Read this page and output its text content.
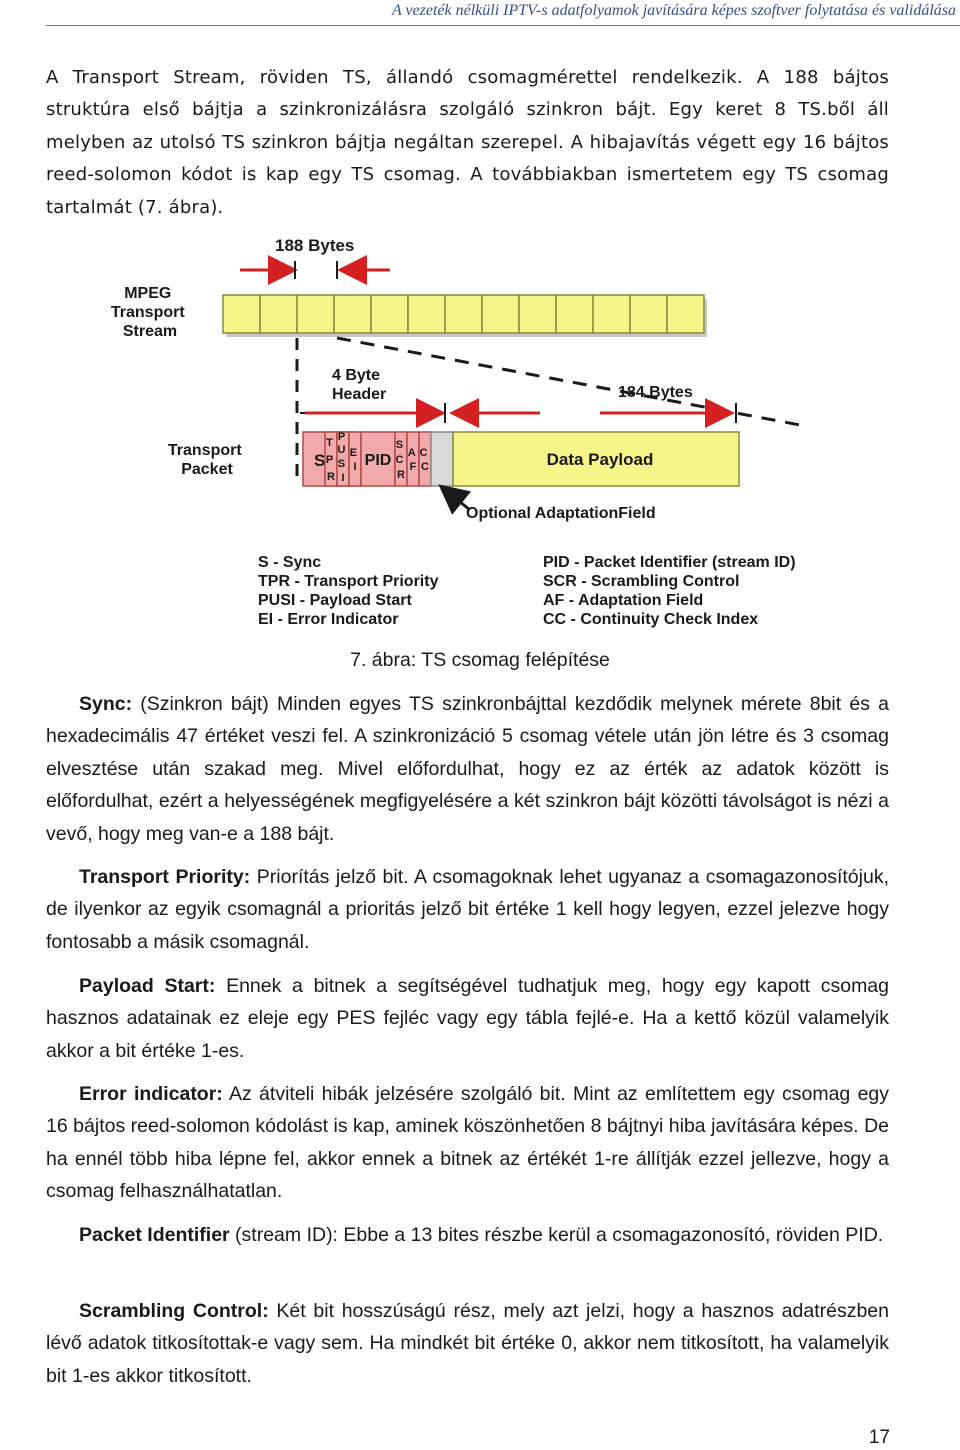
A vezeték nélküli IPTV-s adatfolyamok javítására képes szoftver folytatása és validálása
A Transport Stream, röviden TS, állandó csomagmérettel rendelkezik. A 188 bájtos struktúra első bájtja a szinkronizálásra szolgáló szinkron bájt. Egy keret 8 TS.ből áll melyben az utolsó TS szinkron bájtja negáltan szerepel. A hibajavítás végett egy 16 bájtos reed-solomon kódot is kap egy TS csomag. A továbbiakban ismertetem egy TS csomag tartalmát (7. ábra).
188 Bytes
MPEG Transport Stream
4 Byte Header	184 Bytes
Transport Packet	S
T P R
P U S I
E I PID
S C R
A F
C C	Data Payload
Optional AdaptationField
S - Sync TPR - Transport Priority PUSI - Payload Start EI - Error Indicator
PID - Packet Identifier (stream ID) SCR - Scrambling Control AF - Adaptation Field CC - Continuity Check Index
7. ábra: TS csomag felépítése
Sync: (Szinkron bájt) Minden egyes TS szinkronbájttal kezdődik melynek mérete 8bit és a hexadecimális 47 értéket veszi fel. A szinkronizáció 5 csomag vétele után jön létre és 3 csomag elvesztése után szakad meg. Mivel előfordulhat, hogy ez az érték az adatok között is előfordulhat, ezért a helyességének megfigyelésére a két szinkron bájt közötti távolságot is nézi a vevő, hogy meg van-e a 188 bájt.
Transport Priority: Priorítás jelző bit. A csomagoknak lehet ugyanaz a csomagazonosítójuk, de ilyenkor az egyik csomagnál a prioritás jelző bit értéke 1 kell hogy legyen, ezzel jelezve hogy fontosabb a másik csomagnál.
Payload Start: Ennek a bitnek a segítségével tudhatjuk meg, hogy egy kapott csomag hasznos adatainak ez eleje egy PES fejléc vagy egy tábla fejlé-e. Ha a kettő közül valamelyik akkor a bit értéke 1-es.
Error indicator: Az átviteli hibák jelzésére szolgáló bit. Mint az említettem egy csomag egy 16 bájtos reed-solomon kódolást is kap, aminek köszönhetően 8 bájtnyi hiba javítására képes. De ha ennél több hiba lépne fel, akkor ennek a bitnek az értékét 1-re állítják ezzel jellezve, hogy a csomag felhasználhatatlan.
Packet Identifier (stream ID): Ebbe a 13 bites részbe kerül a csomagazonosító, röviden PID.
Scrambling Control: Két bit hosszúságú rész, mely azt jelzi, hogy a hasznos adatrészben lévő adatok titkosítottak-e vagy sem. Ha mindkét bit értéke 0, akkor nem titkosított, ha valamelyik bit 1-es akkor titkosított.
17
